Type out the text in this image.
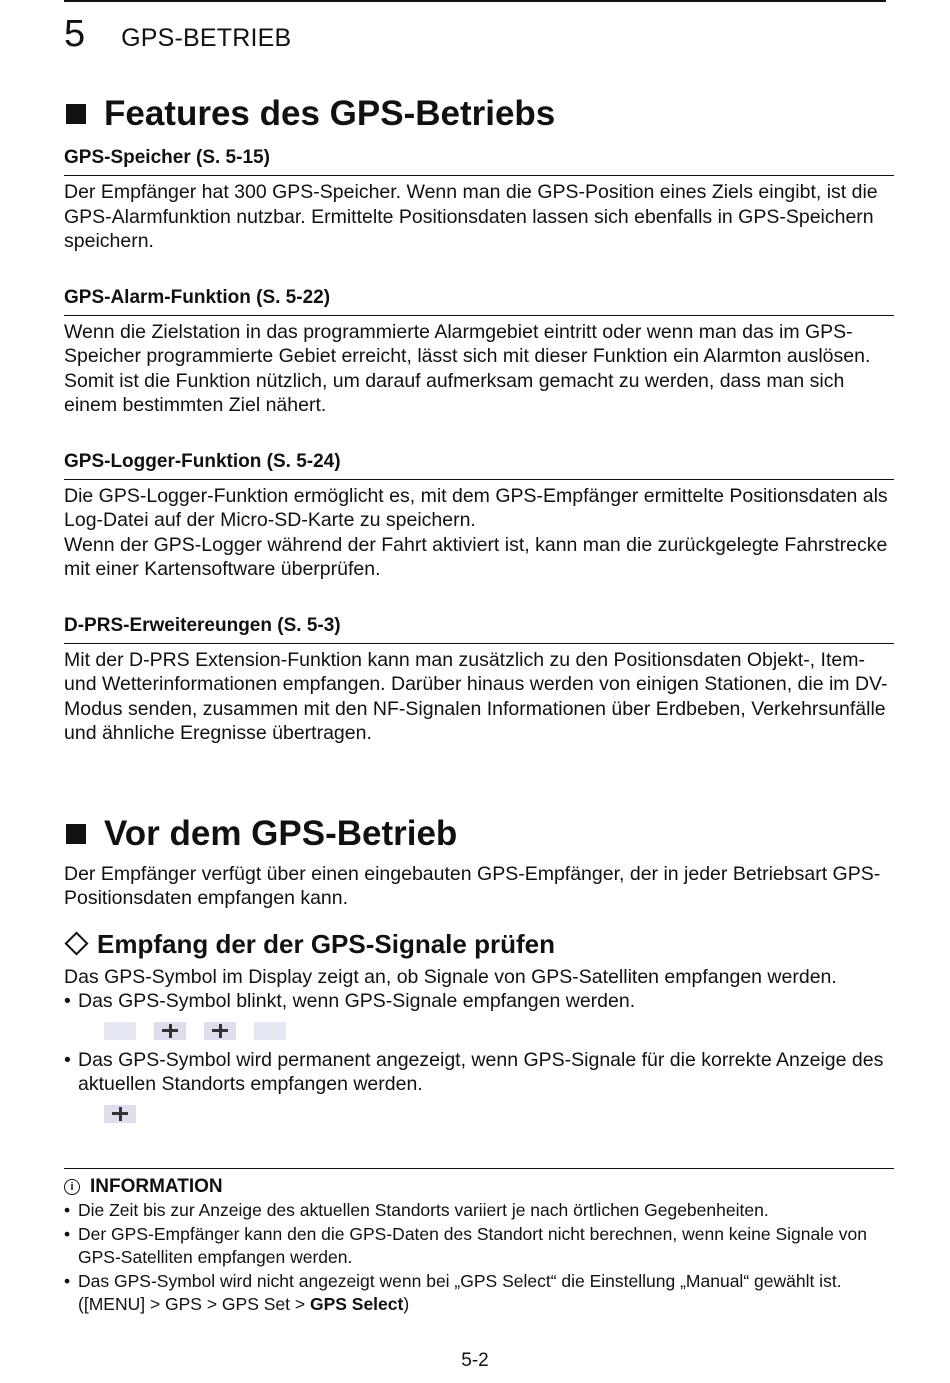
5 GPS-BETRIEB
Features des GPS-Betriebs
GPS-Speicher (S. 5-15)
Der Empfänger hat 300 GPS-Speicher. Wenn man die GPS-Position eines Ziels eingibt, ist die GPS-Alarmfunktion nutzbar. Ermittelte Positionsdaten lassen sich ebenfalls in GPS-Speichern speichern.
GPS-Alarm-Funktion (S. 5-22)
Wenn die Zielstation in das programmierte Alarmgebiet eintritt oder wenn man das im GPS-Speicher programmierte Gebiet erreicht, lässt sich mit dieser Funktion ein Alarmton auslösen. Somit ist die Funktion nützlich, um darauf aufmerksam gemacht zu werden, dass man sich einem bestimmten Ziel nähert.
GPS-Logger-Funktion (S. 5-24)
Die GPS-Logger-Funktion ermöglicht es, mit dem GPS-Empfänger ermittelte Positionsdaten als Log-Datei auf der Micro-SD-Karte zu speichern.
Wenn der GPS-Logger während der Fahrt aktiviert ist, kann man die zurückgelegte Fahrstrecke mit einer Kartensoftware überprüfen.
D-PRS-Erweitereungen (S. 5-3)
Mit der D-PRS Extension-Funktion kann man zusätzlich zu den Positionsdaten Objekt-, Item- und Wetterinformationen empfangen. Darüber hinaus werden von einigen Stationen, die im DV-Modus senden, zusammen mit den NF-Signalen Informationen über Erdbeben, Verkehrsunfälle und ähnliche Eregnisse übertragen.
Vor dem GPS-Betrieb
Der Empfänger verfügt über einen eingebauten GPS-Empfänger, der in jeder Betriebsart GPS-Positionsdaten empfangen kann.
Empfang der der GPS-Signale prüfen
Das GPS-Symbol im Display zeigt an, ob Signale von GPS-Satelliten empfangen werden.
• Das GPS-Symbol blinkt, wenn GPS-Signale empfangen werden.
• Das GPS-Symbol wird permanent angezeigt, wenn GPS-Signale für die korrekte Anzeige des aktuellen Standorts empfangen werden.
i INFORMATION
• Die Zeit bis zur Anzeige des aktuellen Standorts variiert je nach örtlichen Gegebenheiten.
• Der GPS-Empfänger kann den die GPS-Daten des Standort nicht berechnen, wenn keine Signale von GPS-Satelliten empfangen werden.
• Das GPS-Symbol wird nicht angezeigt wenn bei „GPS Select“ die Einstellung „Manual“ gewählt ist.
([MENU] > GPS > GPS Set > GPS Select)
5-2
